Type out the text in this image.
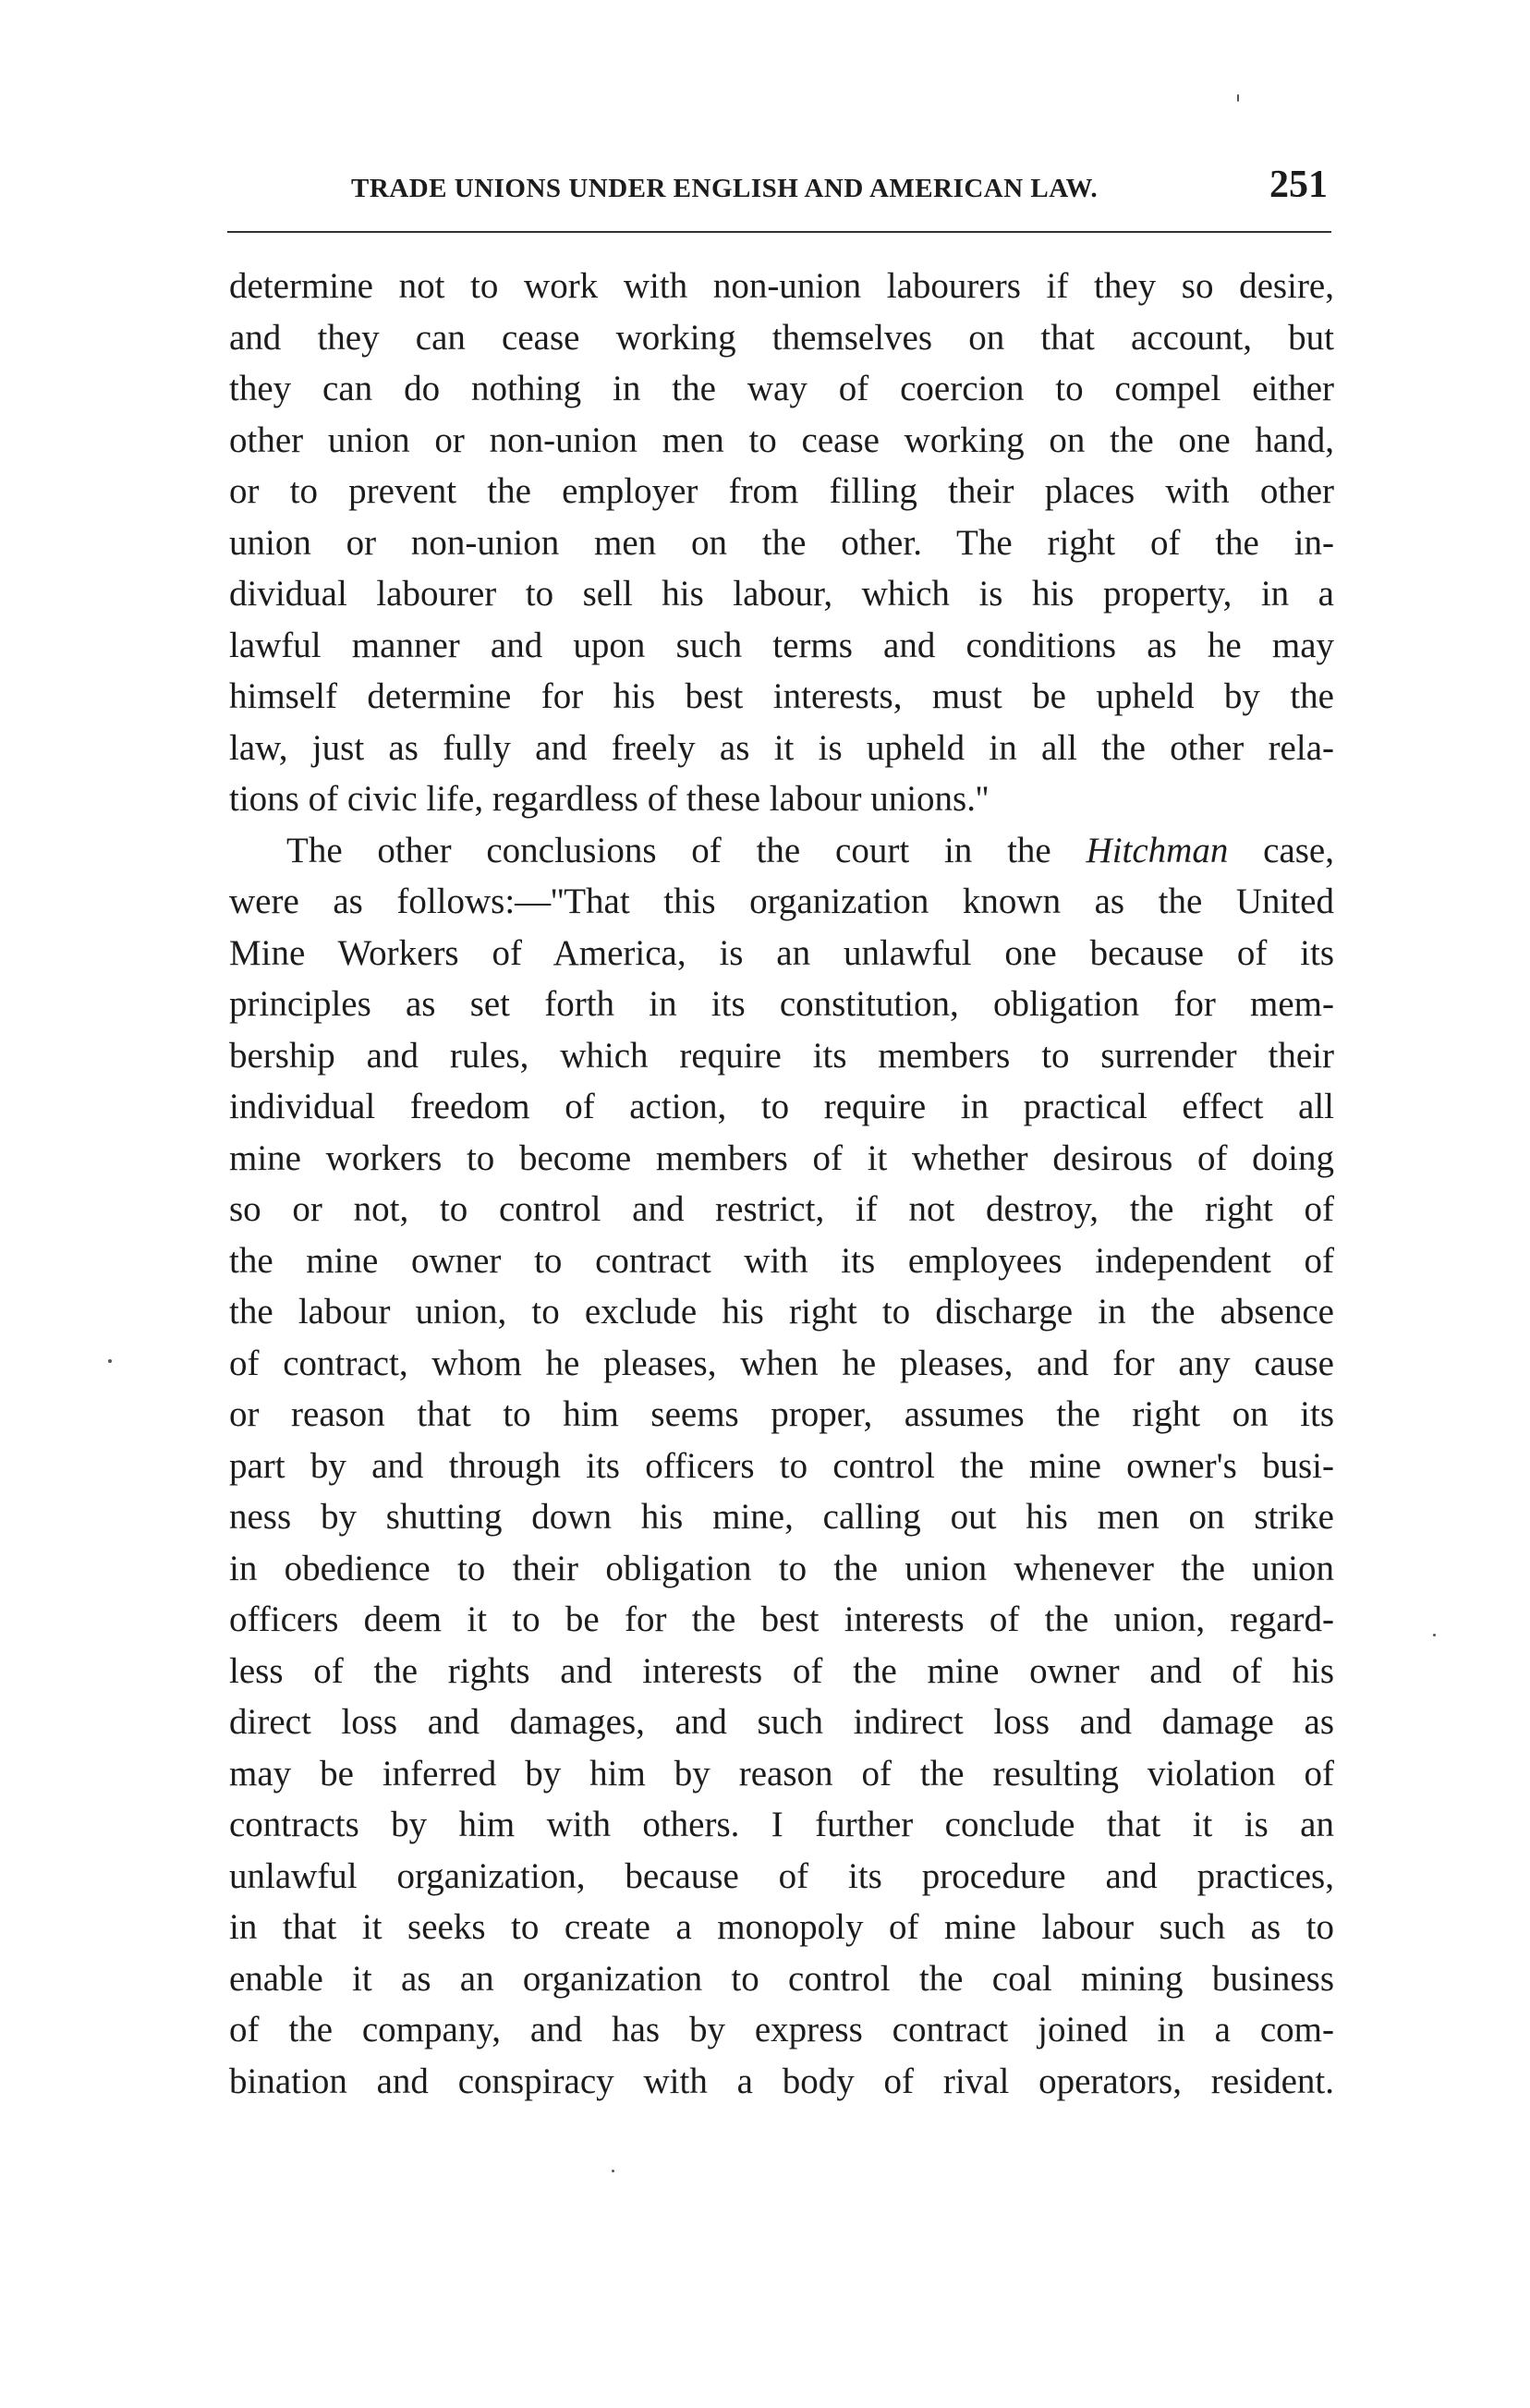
TRADE UNIONS UNDER ENGLISH AND AMERICAN LAW.	251
determine not to work with non-union labourers if they so desire,
and they can cease working themselves on that account, but
they can do nothing in the way of coercion to compel either
other union or non-union men to cease working on the one hand,
or to prevent the employer from filling their places with other
union or non-union men on the other. The right of the in-
dividual labourer to sell his labour, which is his property, in a
lawful manner and upon such terms and conditions as he may
himself determine for his best interests, must be upheld by the
law, just as fully and freely as it is upheld in all the other rela-
tions of civic life, regardless of these labour unions.''
The other conclusions of the court in the Hitchman case,
were as follows:—''That this organization known as the United
Mine Workers of America, is an unlawful one because of its
principles as set forth in its constitution, obligation for mem-
bership and rules, which require its members to surrender their
individual freedom of action, to require in practical effect all
mine workers to become members of it whether desirous of doing
so or not, to control and restrict, if not destroy, the right of
the mine owner to contract with its employees independent of
the labour union, to exclude his right to discharge in the absence
of contract, whom he pleases, when he pleases, and for any cause
or reason that to him seems proper, assumes the right on its
part by and through its officers to control the mine owner's busi-
ness by shutting down his mine, calling out his men on strike
in obedience to their obligation to the union whenever the union
officers deem it to be for the best interests of the union, regard-
less of the rights and interests of the mine owner and of his
direct loss and damages, and such indirect loss and damage as
may be inferred by him by reason of the resulting violation of
contracts by him with others. I further conclude that it is an
unlawful organization, because of its procedure and practices,
in that it seeks to create a monopoly of mine labour such as to
enable it as an organization to control the coal mining business
of the company, and has by express contract joined in a com-
bination and conspiracy with a body of rival operators, resident.
